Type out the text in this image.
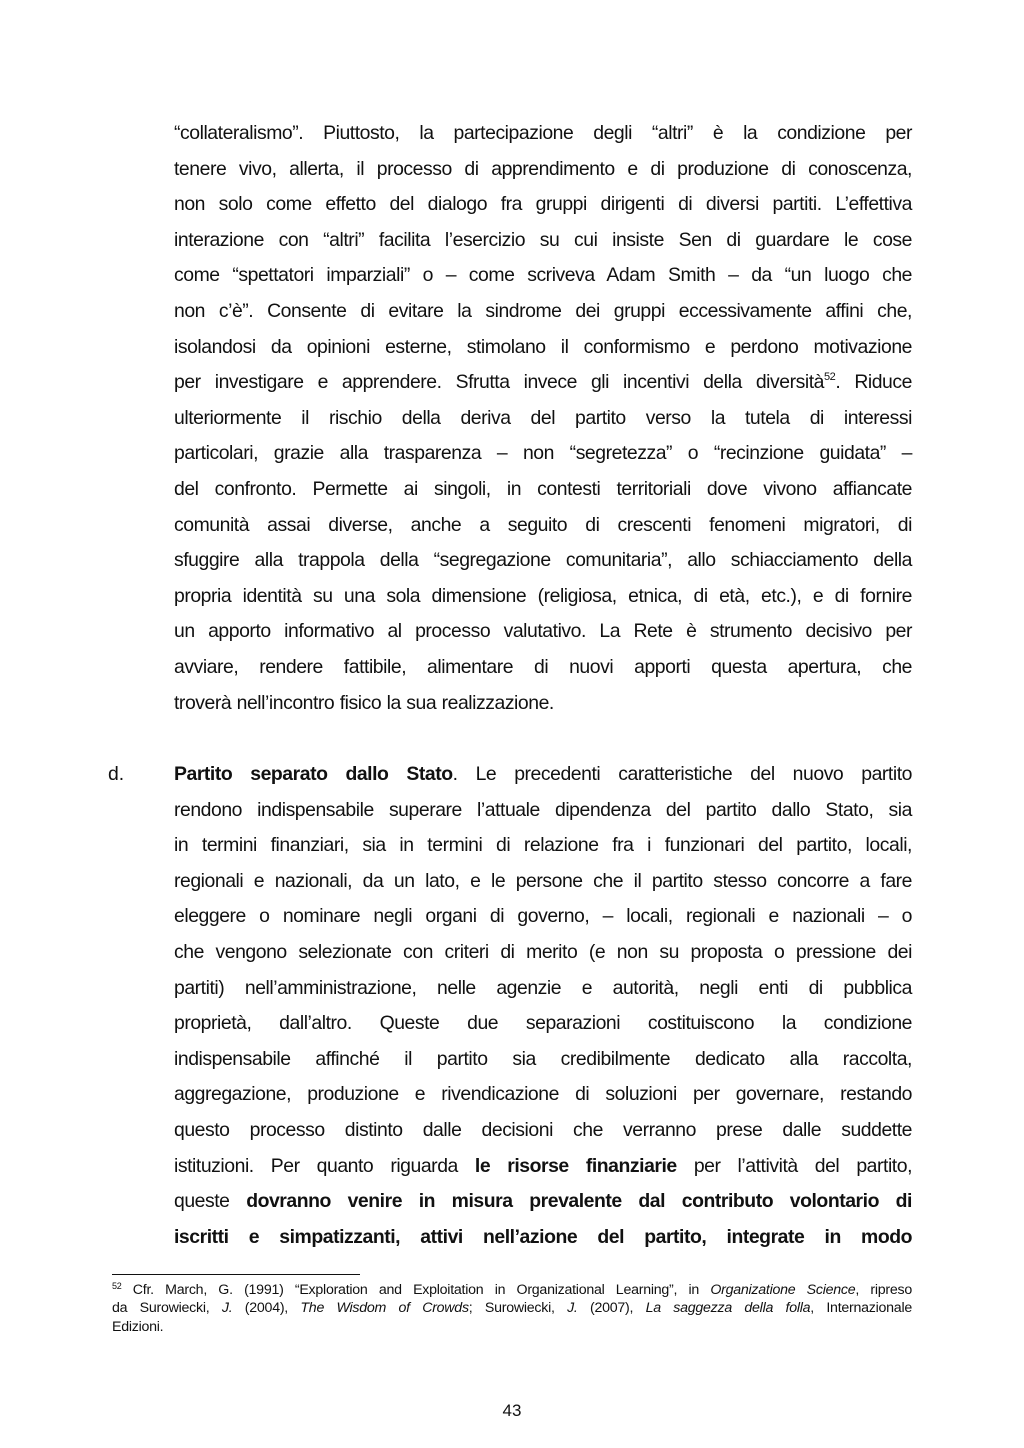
“collateralismo”. Piuttosto, la partecipazione degli “altri” è la condizione per
tenere vivo, allerta, il processo di apprendimento e di produzione di conoscenza,
non solo come effetto del dialogo fra gruppi dirigenti di diversi partiti. L’effettiva
interazione con “altri” facilita l’esercizio su cui insiste Sen di guardare le cose
come “spettatori imparziali” o – come scriveva Adam Smith – da “un luogo che
non c’è”. Consente di evitare la sindrome dei gruppi eccessivamente affini che,
isolandosi da opinioni esterne, stimolano il conformismo e perdono motivazione
per investigare e apprendere. Sfrutta invece gli incentivi della diversità$^{52}$. Riduce
ulteriormente il rischio della deriva del partito verso la tutela di interessi
particolari, grazie alla trasparenza – non “segretezza” o “recinzione guidata” –
del confronto. Permette ai singoli, in contesti territoriali dove vivono affiancate
comunità assai diverse, anche a seguito di crescenti fenomeni migratori, di
sfuggire alla trappola della “segregazione comunitaria”, allo schiacciamento della
propria identità su una sola dimensione (religiosa, etnica, di età, etc.), e di fornire
un apporto informativo al processo valutativo. La Rete è strumento decisivo per
avviare, rendere fattibile, alimentare di nuovi apporti questa apertura, che
troverà nell’incontro fisico la sua realizzazione.
d.	Partito separato dallo Stato. Le precedenti caratteristiche del nuovo partito
rendono indispensabile superare l’attuale dipendenza del partito dallo Stato, sia
in termini finanziari, sia in termini di relazione fra i funzionari del partito, locali,
regionali e nazionali, da un lato, e le persone che il partito stesso concorre a fare
eleggere o nominare negli organi di governo, – locali, regionali e nazionali – o
che vengono selezionate con criteri di merito (e non su proposta o pressione dei
partiti) nell’amministrazione, nelle agenzie e autorità, negli enti di pubblica
proprietà, dall’altro. Queste due separazioni costituiscono la condizione
indispensabile affinché il partito sia credibilmente dedicato alla raccolta,
aggregazione, produzione e rivendicazione di soluzioni per governare, restando
questo processo distinto dalle decisioni che verranno prese dalle suddette
istituzioni. Per quanto riguarda le risorse finanziarie per l’attività del partito,
queste dovranno venire in misura prevalente dal contributo volontario di
iscritti e simpatizzanti, attivi nell’azione del partito, integrate in modo
$^{52}$ Cfr. March, G. (1991) “Exploration and Exploitation in Organizational Learning”, in Organizatione Science, ripreso
da Surowiecki, J. (2004), The Wisdom of Crowds; Surowiecki, J. (2007), La saggezza della folla, Internazionale
Edizioni.
43
